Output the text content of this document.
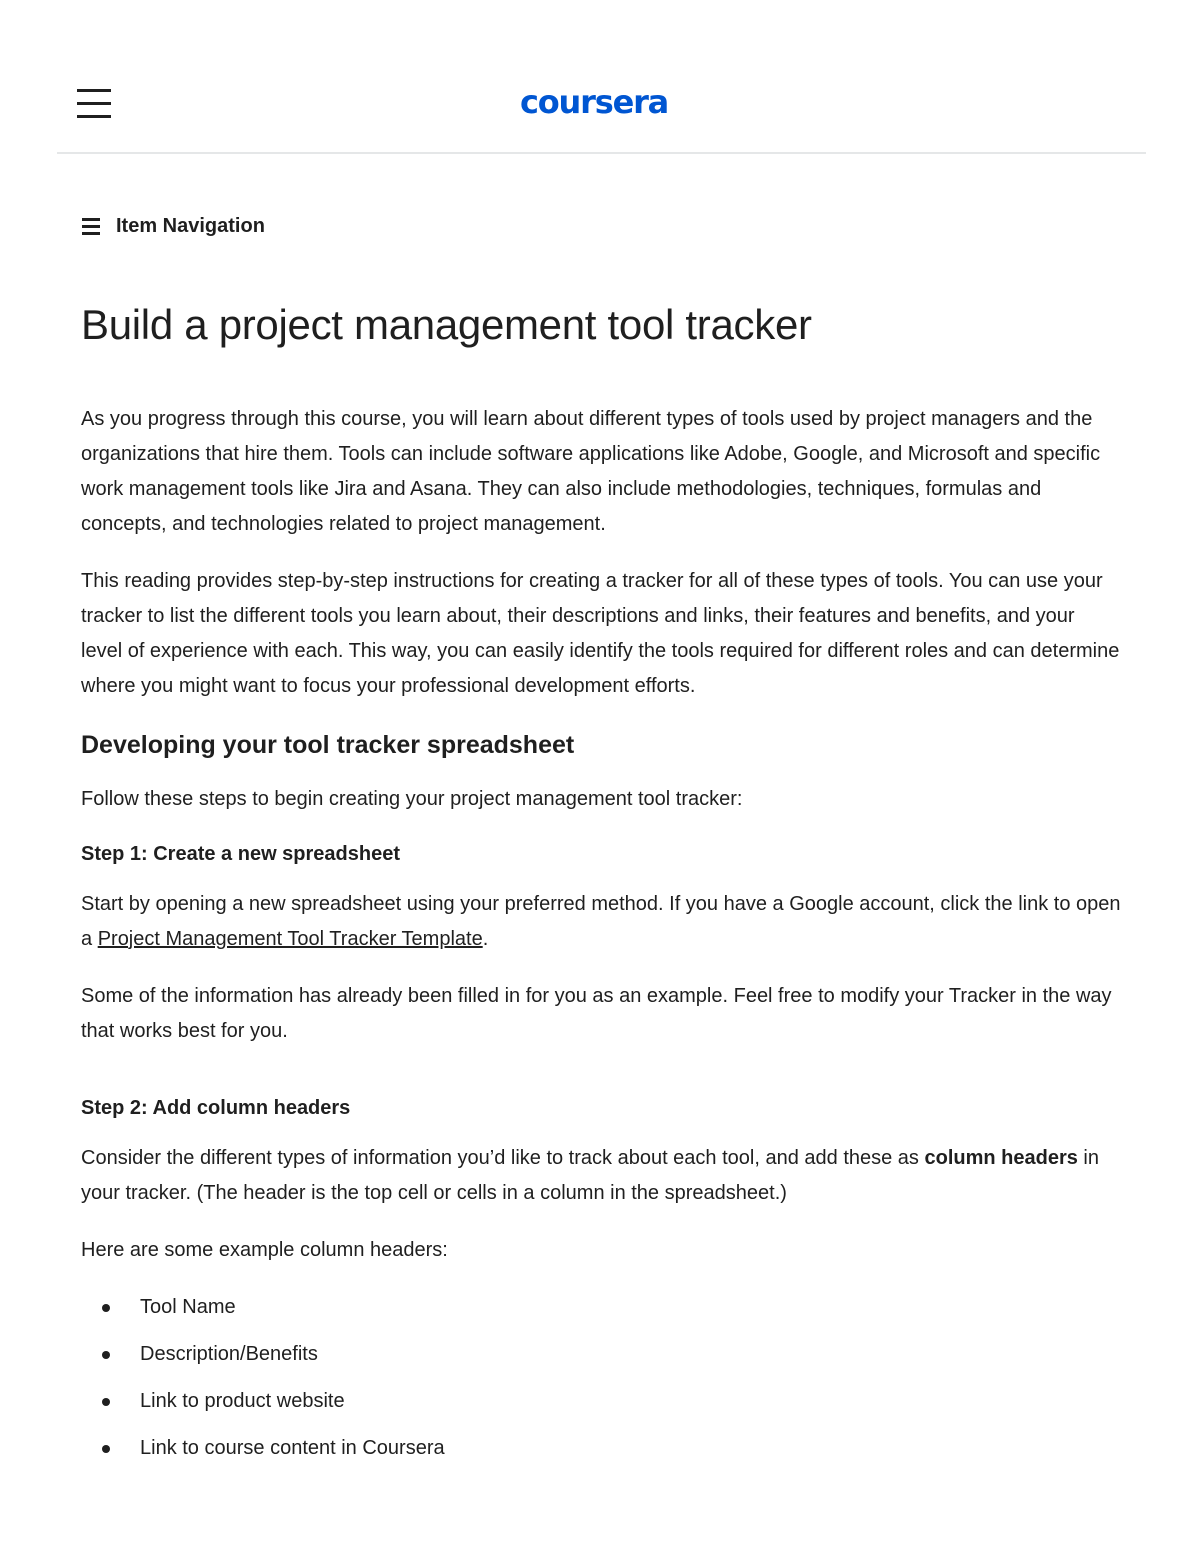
coursera
Item Navigation
Build a project management tool tracker

As you progress through this course, you will learn about different types of tools used by project managers and the organizations that hire them. Tools can include software applications like Adobe, Google, and Microsoft and specific work management tools like Jira and Asana. They can also include methodologies, techniques, formulas and concepts, and technologies related to project management.

This reading provides step-by-step instructions for creating a tracker for all of these types of tools. You can use your tracker to list the different tools you learn about, their descriptions and links, their features and benefits, and your level of experience with each. This way, you can easily identify the tools required for different roles and can determine where you might want to focus your professional development efforts.

Developing your tool tracker spreadsheet

Follow these steps to begin creating your project management tool tracker:

Step 1: Create a new spreadsheet

Start by opening a new spreadsheet using your preferred method. If you have a Google account, click the link to open a Project Management Tool Tracker Template.

Some of the information has already been filled in for you as an example. Feel free to modify your Tracker in the way that works best for you.

Step 2: Add column headers

Consider the different types of information you’d like to track about each tool, and add these as column headers in your tracker. (The header is the top cell or cells in a column in the spreadsheet.)

Here are some example column headers:

Tool Name
Description/Benefits
Link to product website
Link to course content in Coursera
